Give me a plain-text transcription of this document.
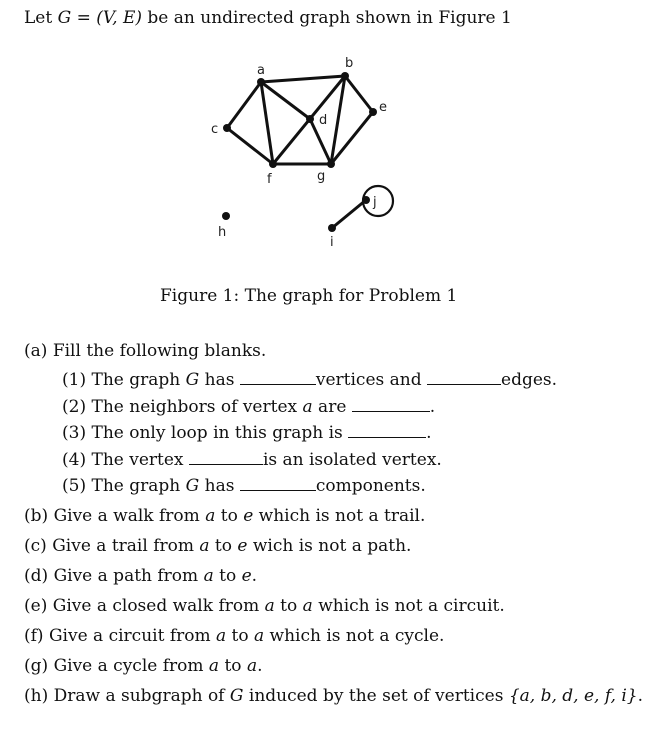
Let G = (V, E) be an undirected graph shown in Figure 1
a	b
c
d
e
f	g
h
i
j
Figure 1: The graph for Problem 1
(a) Fill the following blanks.
(1) The graph G has	vertices and	edges.
(2) The neighbors of vertex a are	.
(3) The only loop in this graph is	.
(4) The vertex	is an isolated vertex.
(5) The graph G has	components.
(b) Give a walk from a to e which is not a trail.
(c) Give a trail from a to e wich is not a path.
(d) Give a path from a to e.
(e) Give a closed walk from a to a which is not a circuit.
(f) Give a circuit from a to a which is not a cycle.
(g) Give a cycle from a to a.
(h) Draw a subgraph of G induced by the set of vertices {a, b, d, e, f, i}.
